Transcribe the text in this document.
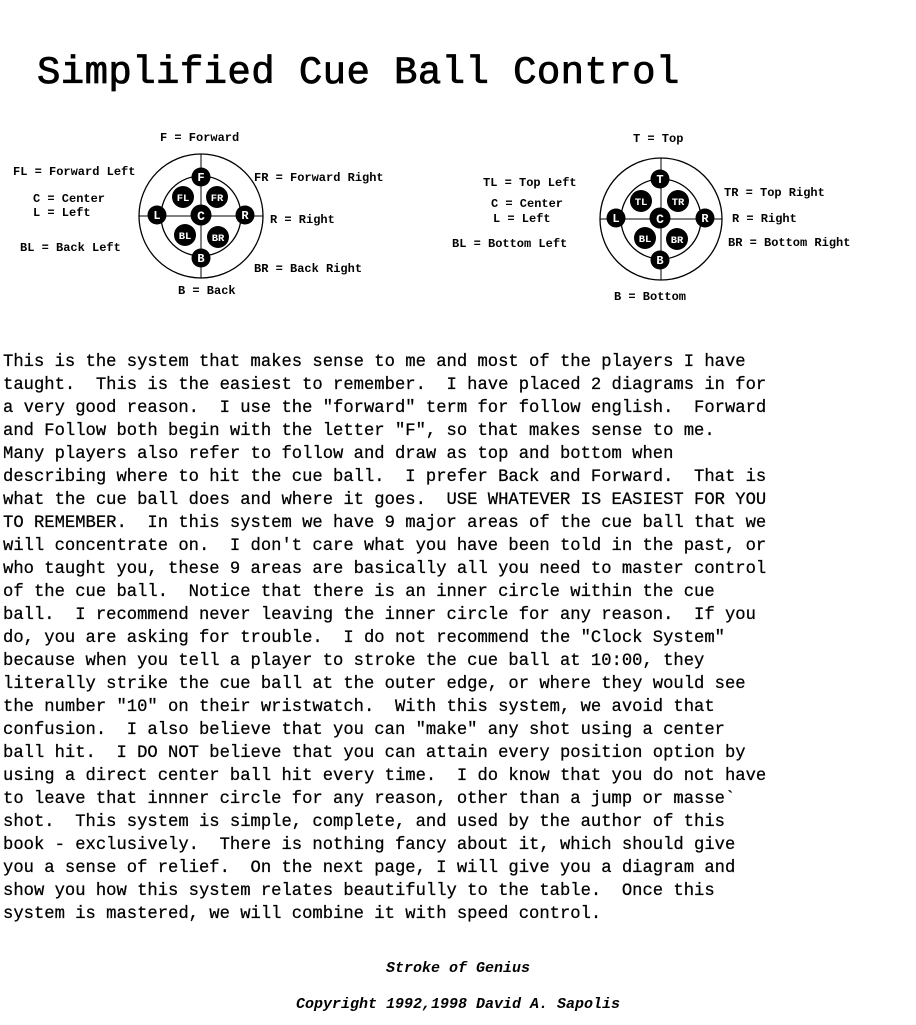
Simplified Cue Ball Control
F
FL FR
L	C	R
BL BR
B
F = Forward
FL = Forward Left
C = Center
L = Left
BL = Back Left
FR = Forward Right
R = Right
BR = Back Right
B = Back
T
TL TR
L	C	R
BL BR
B
T = Top
TL = Top Left
C = Center
L = Left
BL = Bottom Left
TR = Top Right
R = Right
BR = Bottom Right
B = Bottom
This is the system that makes sense to me and most of the players I have
taught.  This is the easiest to remember.  I have placed 2 diagrams in for
a very good reason.  I use the "forward" term for follow english.  Forward
and Follow both begin with the letter "F", so that makes sense to me.
Many players also refer to follow and draw as top and bottom when
describing where to hit the cue ball.  I prefer Back and Forward.  That is
what the cue ball does and where it goes.  USE WHATEVER IS EASIEST FOR YOU
TO REMEMBER.  In this system we have 9 major areas of the cue ball that we
will concentrate on.  I don't care what you have been told in the past, or
who taught you, these 9 areas are basically all you need to master control
of the cue ball.  Notice that there is an inner circle within the cue
ball.  I recommend never leaving the inner circle for any reason.  If you
do, you are asking for trouble.  I do not recommend the "Clock System"
because when you tell a player to stroke the cue ball at 10:00, they
literally strike the cue ball at the outer edge, or where they would see
the number "10" on their wristwatch.  With this system, we avoid that
confusion.  I also believe that you can "make" any shot using a center
ball hit.  I DO NOT believe that you can attain every position option by
using a direct center ball hit every time.  I do know that you do not have
to leave that innner circle for any reason, other than a jump or masse`
shot.  This system is simple, complete, and used by the author of this
book - exclusively.  There is nothing fancy about it, which should give
you a sense of relief.  On the next page, I will give you a diagram and
show you how this system relates beautifully to the table.  Once this
system is mastered, we will combine it with speed control.
Stroke of Genius
Copyright 1992,1998 David A. Sapolis
